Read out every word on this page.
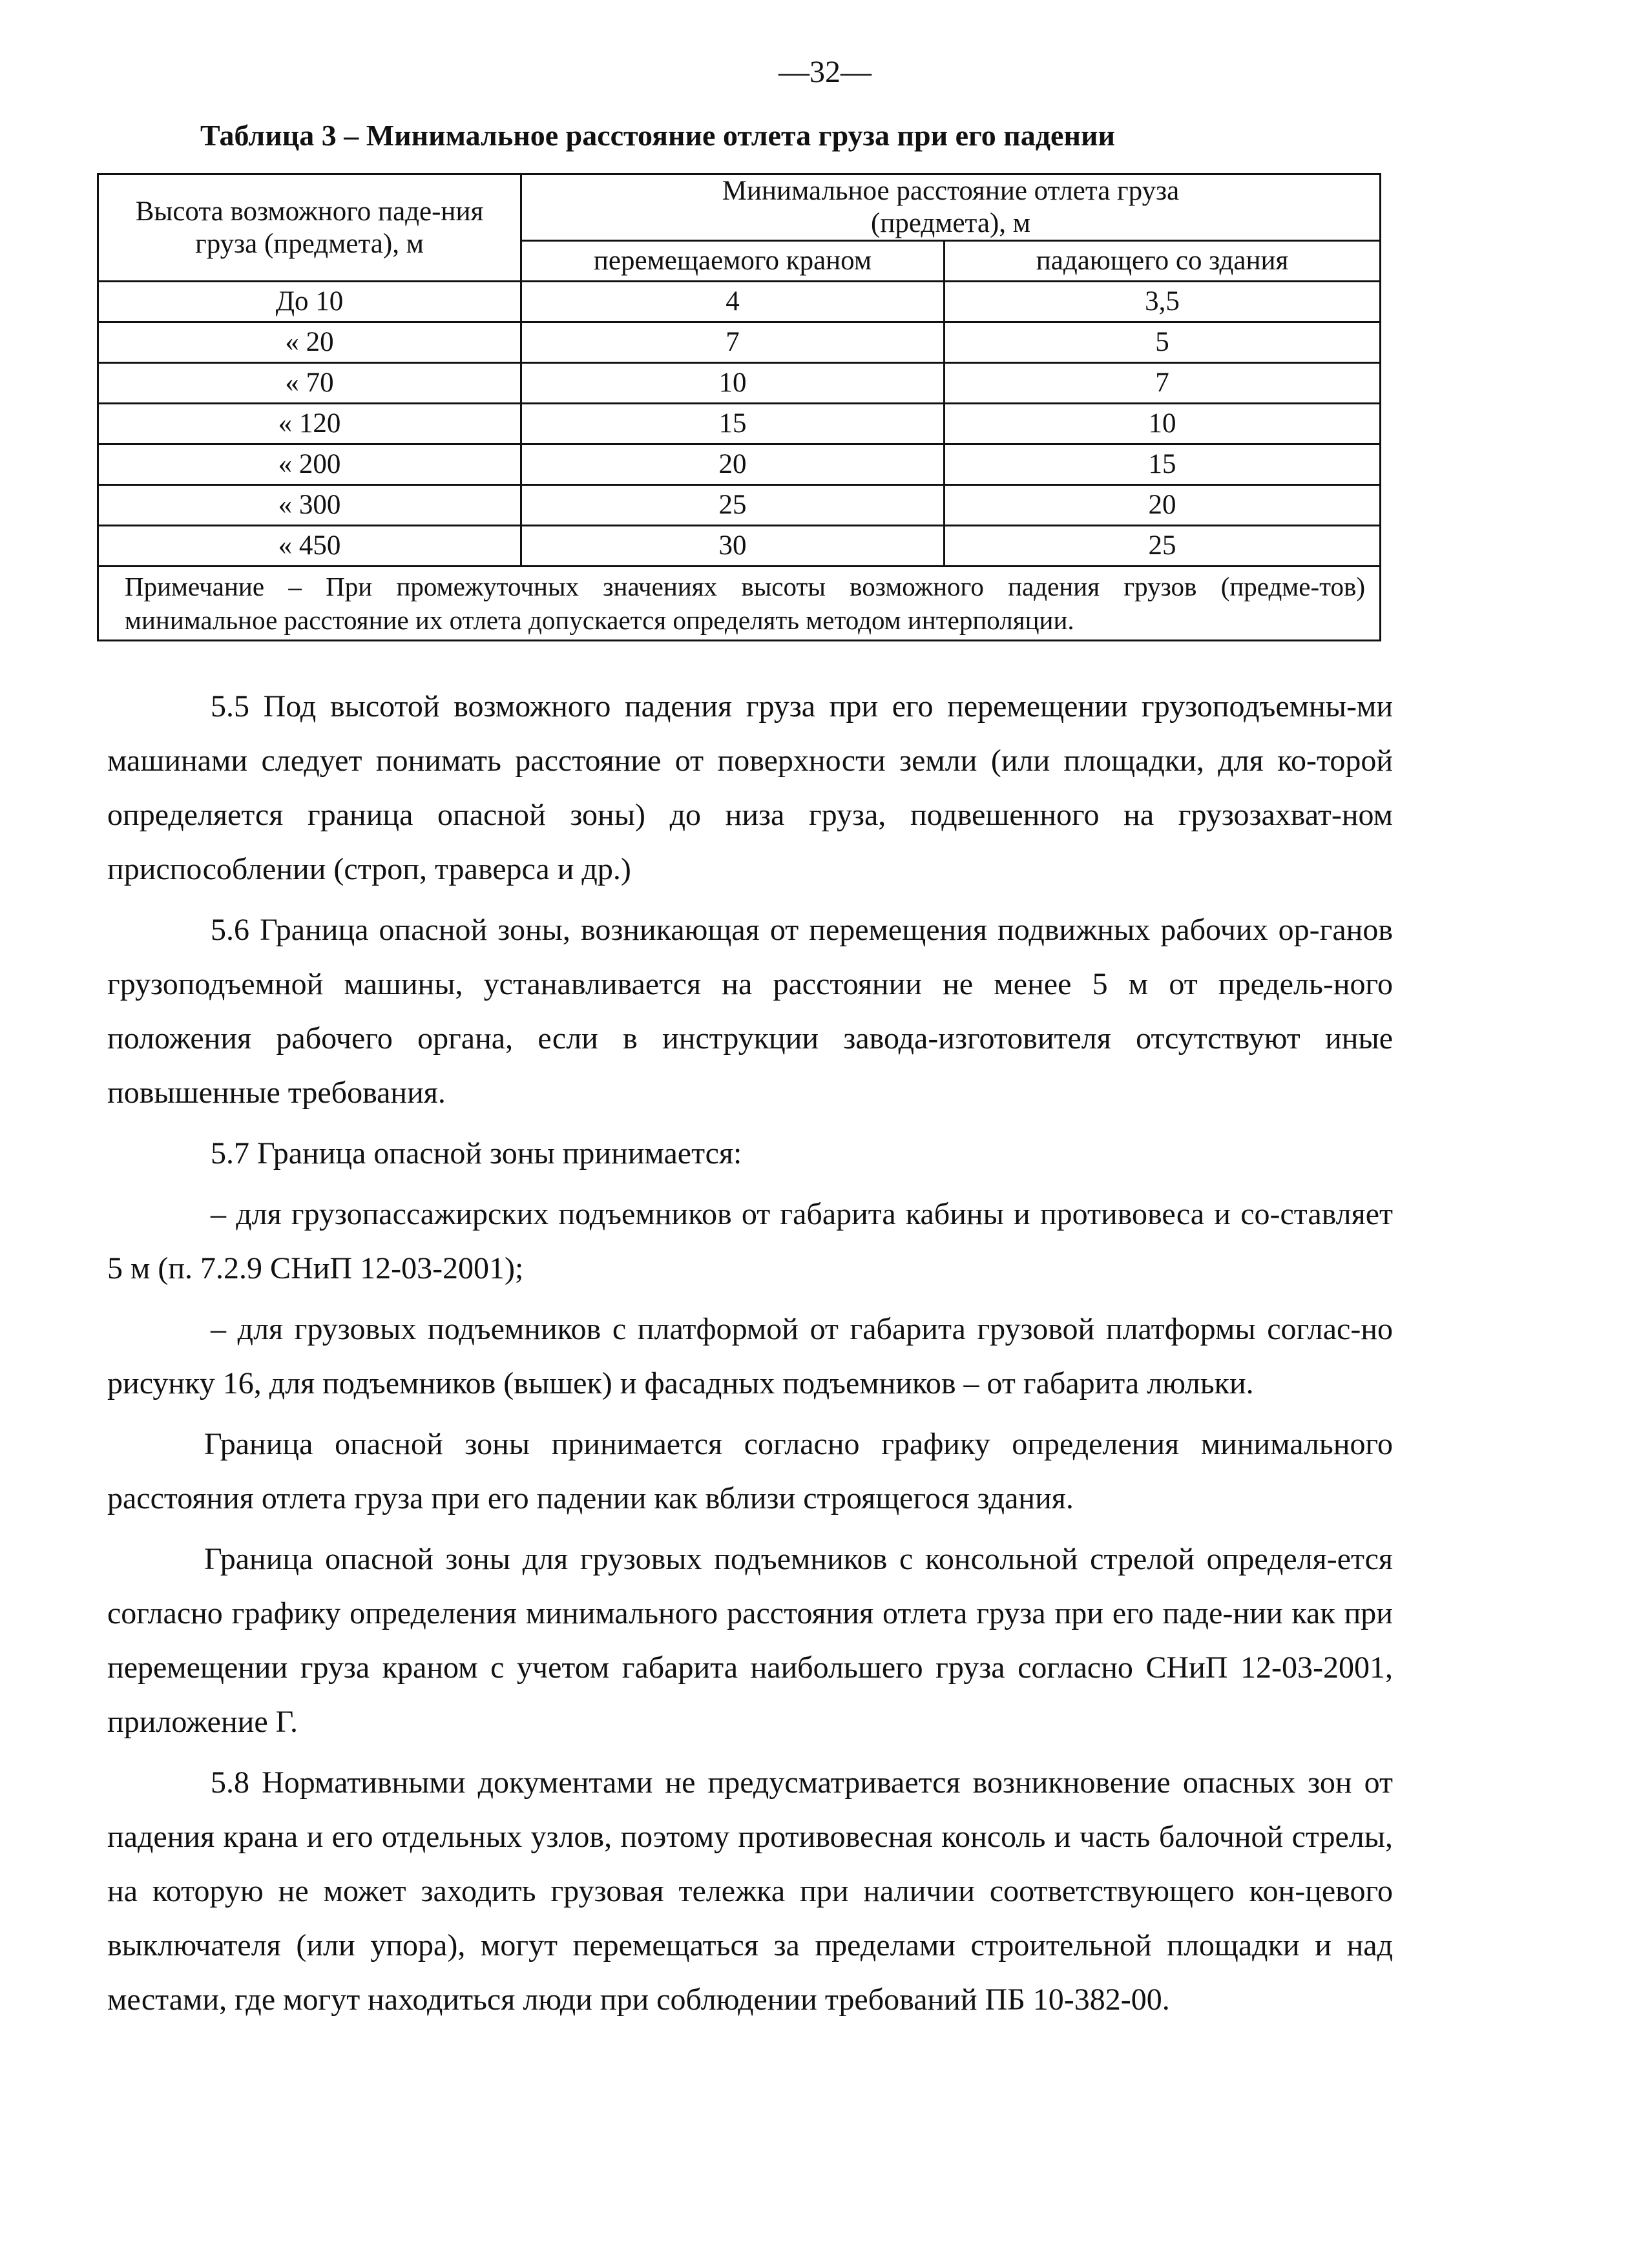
—32—
Таблица 3 – Минимальное расстояние отлета груза при его падении
Высота возможного паде-ния груза (предмета), м	Минимальное расстояние отлета груза (предмета), м	
	перемещаемого краном	падающего со здания
До 10	4	3,5
« 20	7	5
« 70	10	7
« 120	15	10
« 200	20	15
« 300	25	20
« 450	30	25
Примечание – При промежуточных значениях высоты возможного падения грузов (предме-тов) минимальное расстояние их отлета допускается определять методом интерполяции.		

5.5 Под высотой возможного падения груза при его перемещении грузоподъемны-ми машинами следует понимать расстояние от поверхности земли (или площадки, для ко-торой определяется граница опасной зоны) до низа груза, подвешенного на грузозахват-ном приспособлении (строп, траверса и др.)

5.6 Граница опасной зоны, возникающая от перемещения подвижных рабочих ор-ганов грузоподъемной машины, устанавливается на расстоянии не менее 5 м от предель-ного положения рабочего органа, если в инструкции завода-изготовителя отсутствуют иные повышенные требования.

5.7 Граница опасной зоны принимается:

– для грузопассажирских подъемников от габарита кабины и противовеса и со-ставляет 5 м (п. 7.2.9 СНиП 12-03-2001);

– для грузовых подъемников с платформой от габарита грузовой платформы соглас-но рисунку 16, для подъемников (вышек) и фасадных подъемников – от габарита люльки.

Граница опасной зоны принимается согласно графику определения минимального расстояния отлета груза при его падении как вблизи строящегося здания.

Граница опасной зоны для грузовых подъемников с консольной стрелой определя-ется согласно графику определения минимального расстояния отлета груза при его паде-нии как при перемещении груза краном с учетом габарита наибольшего груза согласно СНиП 12-03-2001, приложение Г.

5.8 Нормативными документами не предусматривается возникновение опасных зон от падения крана и его отдельных узлов, поэтому противовесная консоль и часть балочной стрелы, на которую не может заходить грузовая тележка при наличии соответствующего кон-цевого выключателя (или упора), могут перемещаться за пределами строительной площадки и над местами, где могут находиться люди при соблюдении требований ПБ 10-382-00.
